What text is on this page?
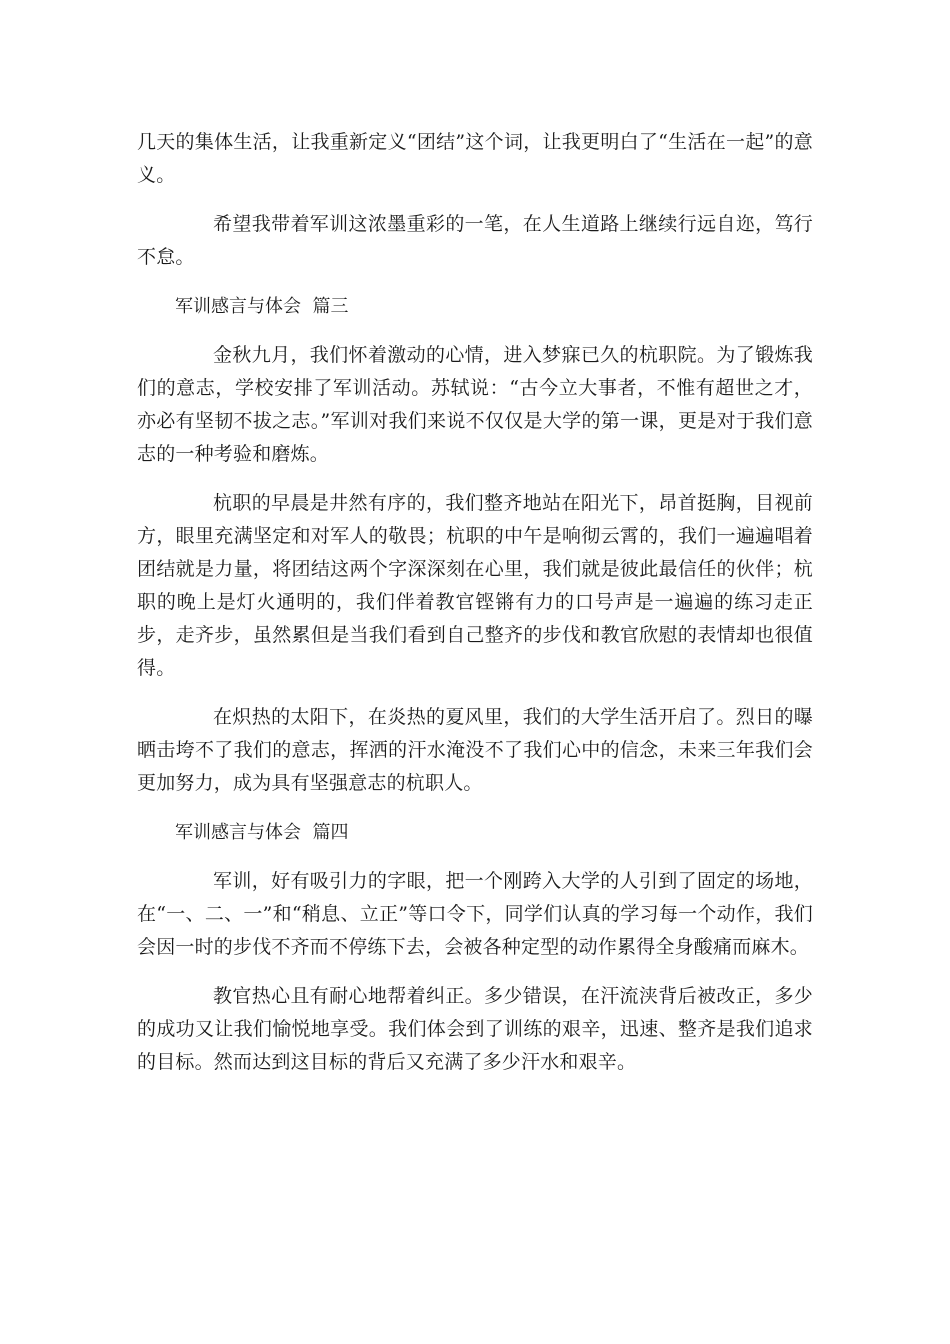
几天的集体生活，让我重新定义“团结”这个词，让我更明白了“生活在一起”的意义。

希望我带着军训这浓墨重彩的一笔，在人生道路上继续行远自迩，笃行不怠。

军训感言与体会  篇三

金秋九月，我们怀着激动的心情，进入梦寐已久的杭职院。为了锻炼我们的意志，学校安排了军训活动。苏轼说：“古今立大事者，不惟有超世之才，亦必有坚韧不拔之志。”军训对我们来说不仅仅是大学的第一课，更是对于我们意志的一种考验和磨炼。

杭职的早晨是井然有序的，我们整齐地站在阳光下，昂首挺胸，目视前方，眼里充满坚定和对军人的敬畏；杭职的中午是响彻云霄的，我们一遍遍唱着团结就是力量，将团结这两个字深深刻在心里，我们就是彼此最信任的伙伴；杭职的晚上是灯火通明的，我们伴着教官铿锵有力的口号声是一遍遍的练习走正步，走齐步，虽然累但是当我们看到自己整齐的步伐和教官欣慰的表情却也很值得。

在炽热的太阳下，在炎热的夏风里，我们的大学生活开启了。烈日的曝晒击垮不了我们的意志，挥洒的汗水淹没不了我们心中的信念，未来三年我们会更加努力，成为具有坚强意志的杭职人。

军训感言与体会  篇四

军训，好有吸引力的字眼，把一个刚跨入大学的人引到了固定的场地，在“一、二、一”和“稍息、立正”等口令下，同学们认真的学习每一个动作，我们会因一时的步伐不齐而不停练下去，会被各种定型的动作累得全身酸痛而麻木。

教官热心且有耐心地帮着纠正。多少错误，在汗流浃背后被改正，多少的成功又让我们愉悦地享受。我们体会到了训练的艰辛，迅速、整齐是我们追求的目标。然而达到这目标的背后又充满了多少汗水和艰辛。
